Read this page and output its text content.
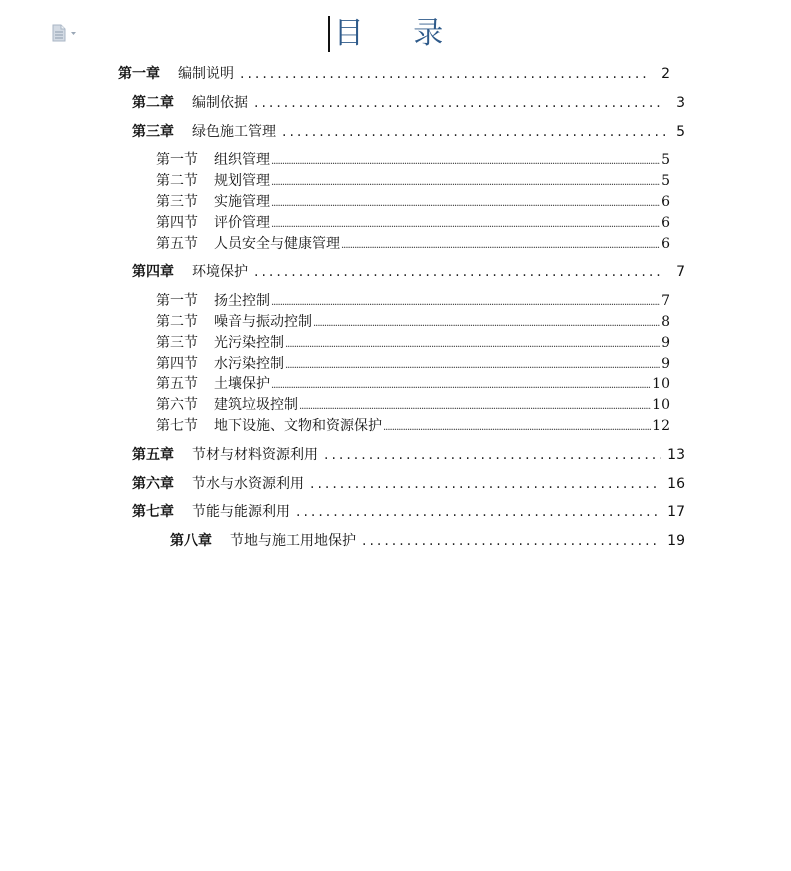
目 录
第一章 编制说明 .....	2
第二章 编制依据 .....	3
第三章 绿色施工管理 .....	5
第一节 组织管理 .....	5
第二节 规划管理 .....	5
第三节 实施管理 .....	6
第四节 评价管理 .....	6
第五节 人员安全与健康管理 .....	6
第四章 环境保护 .....	7
第一节 扬尘控制 .....	7
第二节 噪音与振动控制 .....	8
第三节 光污染控制 .....	9
第四节 水污染控制 .....	9
第五节 土壤保护 .....	10
第六节 建筑垃圾控制 .....	10
第七节 地下设施、文物和资源保护 .....	12
第五章 节材与材料资源利用 .....	13
第六章 节水与水资源利用 .....	16
第七章 节能与能源利用 .....	17
第八章 节地与施工用地保护 .....	19
